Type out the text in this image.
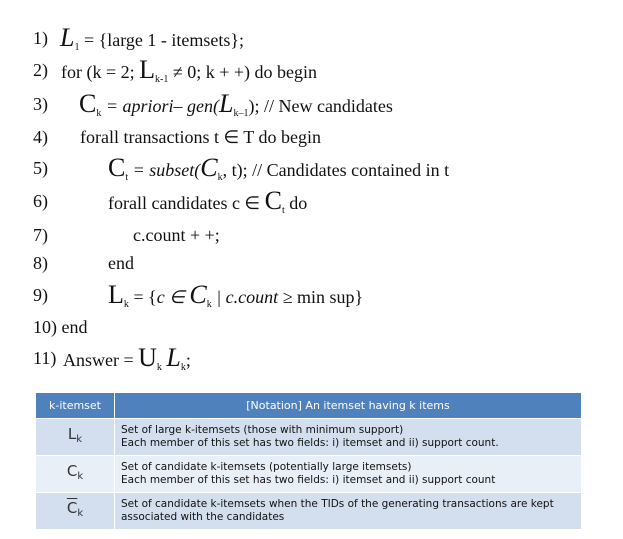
1) $L_1$ = {large 1 - itemsets};
2) for (k = 2; $L_{k-1} \ne 0$; k + +) do begin
3) $C_k$ = apriori– $gen(L_{k-1})$; // New candidates
4) forall transactions t ∈ T do begin
5) $C_t$ = $subset(C_k$, t); // Candidates contained in t
6)	forall candidates c ∈ $C_t$ do
7)	c.count + +;
8)	end
9) $L_k = \{c$ ∈ $C_k$ | c.count ≥ min sup}
10) end
11) Answer = $U_k$ $L_k$;
k-itemset	[Notation] An itemset having k items
$L_k$	Set of large k-itemsets (those with minimum support)
Each member of this set has two fields: i) itemset and ii) support count.

$C_k$	Set of candidate k-itemsets (potentially large itemsets)
Each member of this set has two fields: i) itemset and ii) support count

$\overline{C}_k$	Set of candidate k-itemsets when the TIDs of the generating transactions are kept
associated with the candidates
